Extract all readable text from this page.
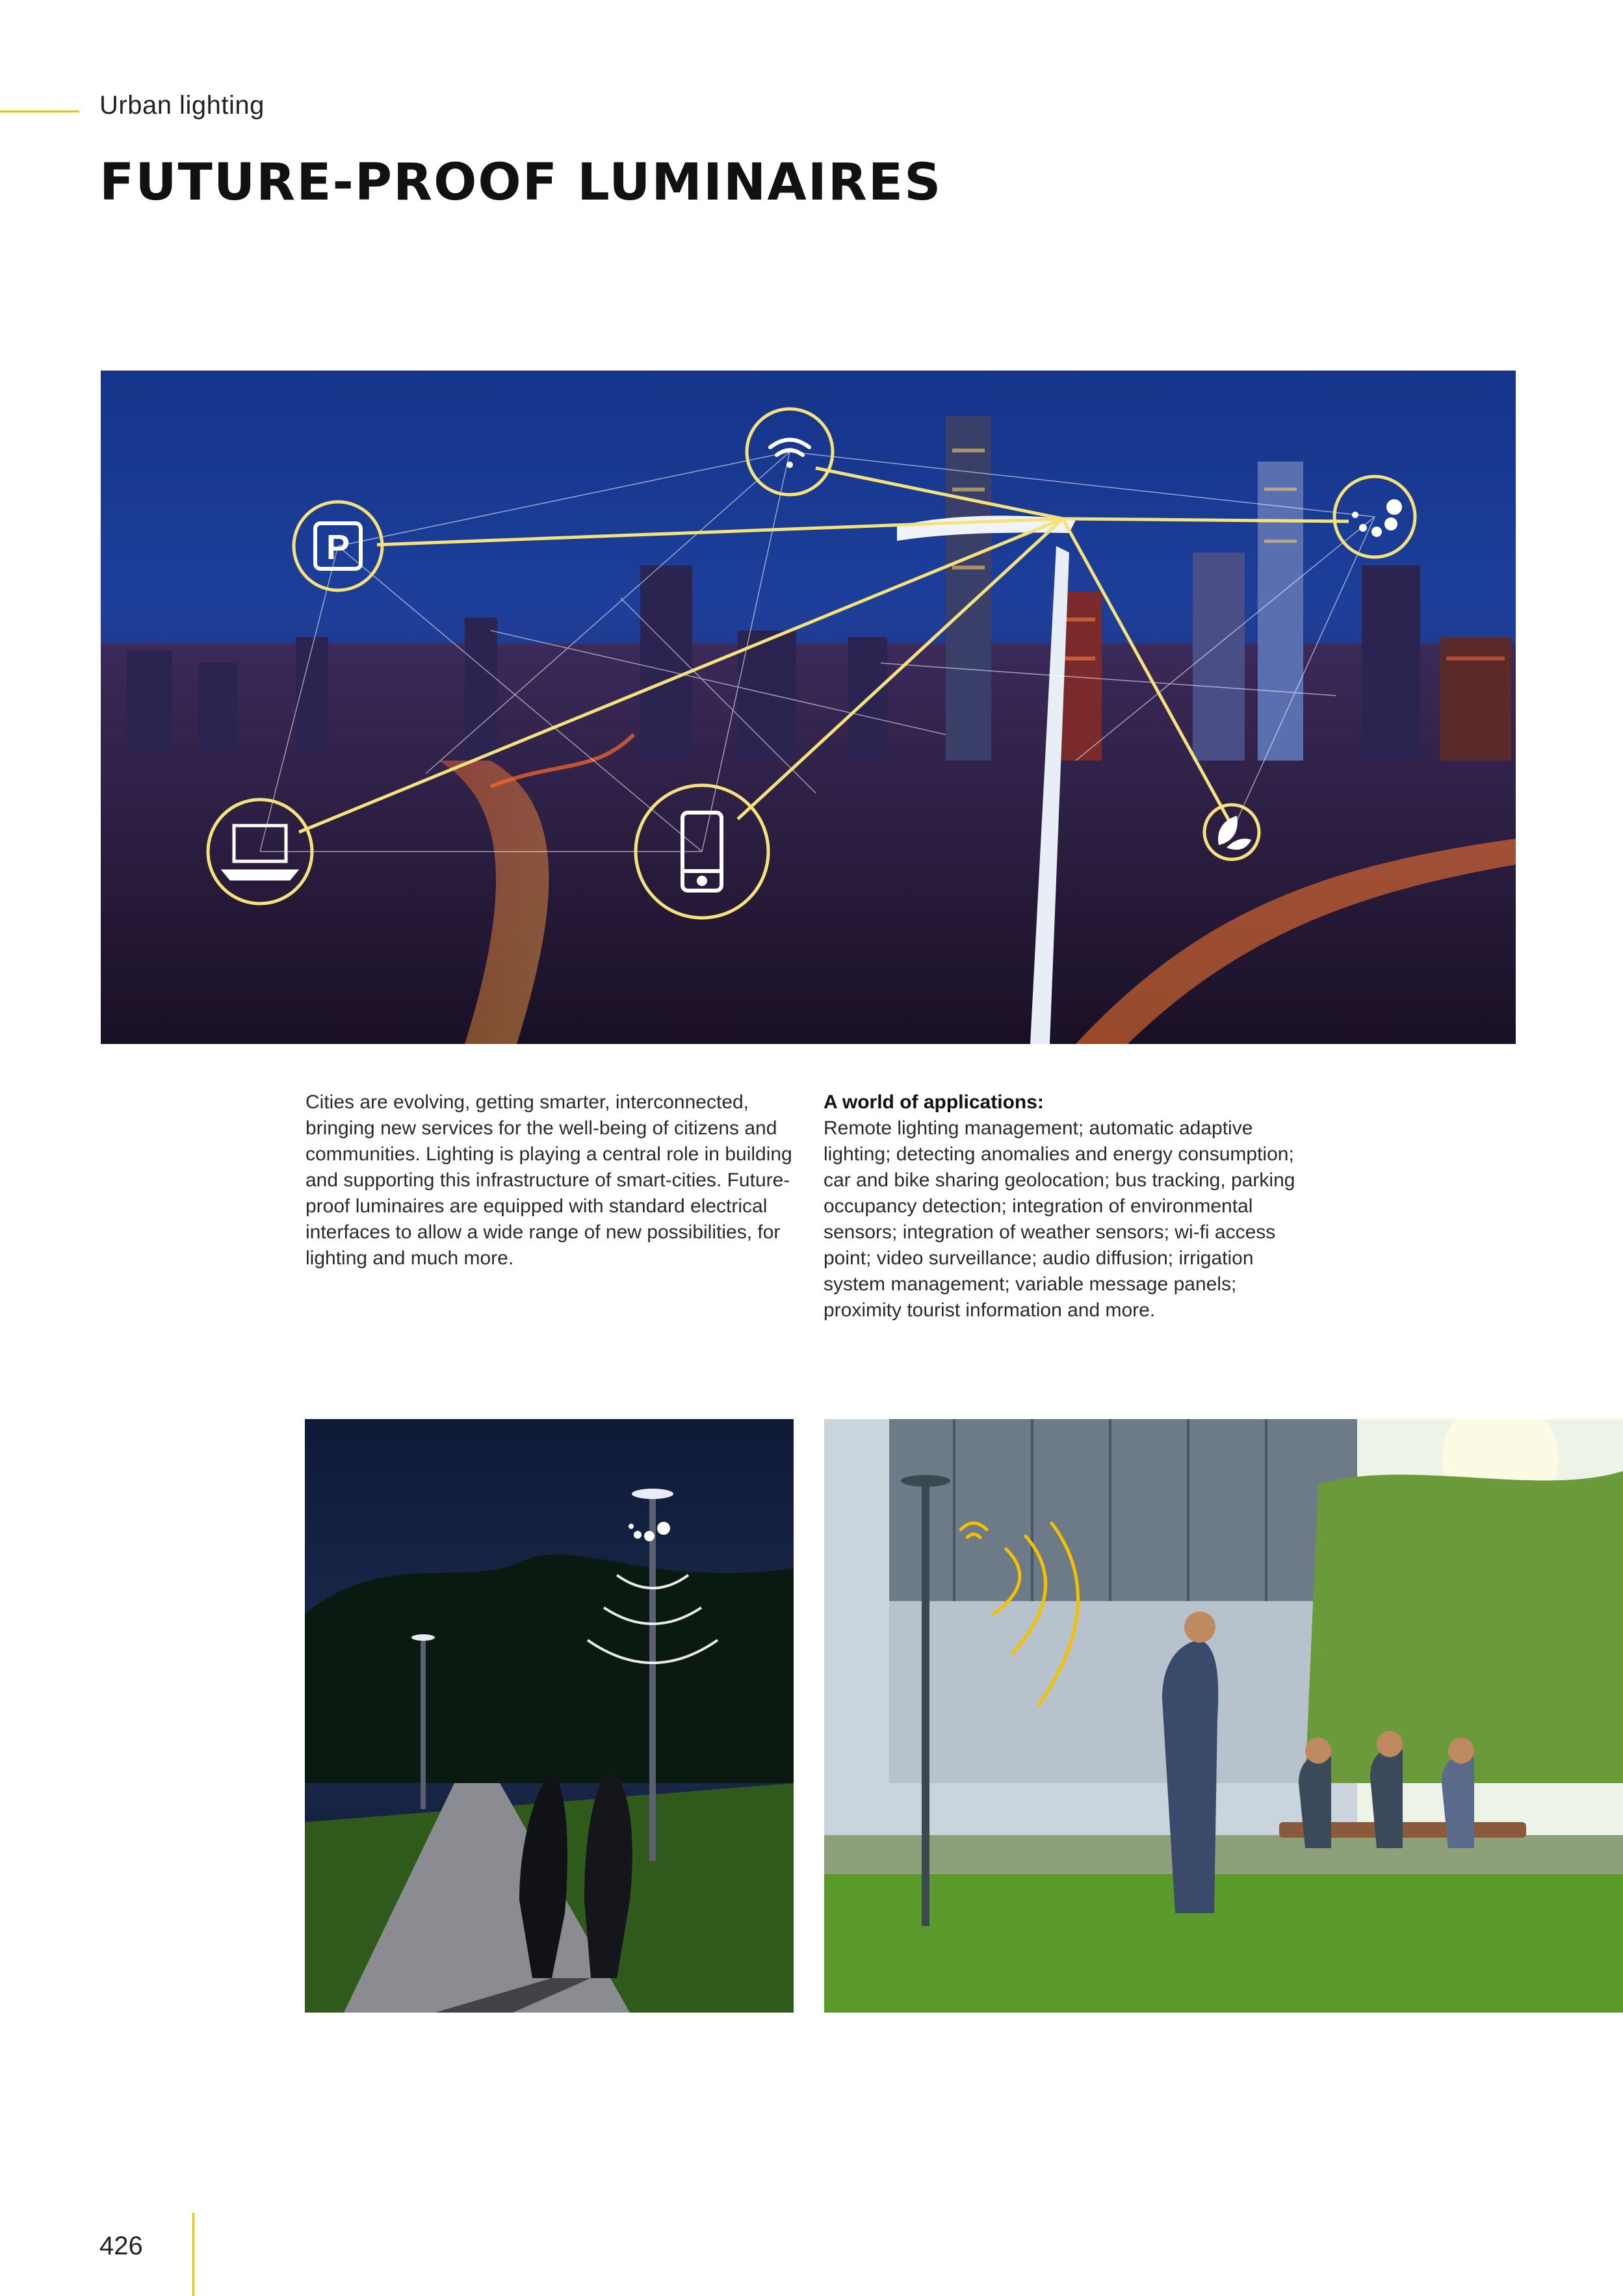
Urban lighting
FUTURE-PROOF LUMINAIRES
P

Cities are evolving, getting smarter, interconnected, bringing new services for the well-being of citizens and communities. Lighting is playing a central role in building and supporting this infrastructure of smart-cities. Future-proof luminaires are equipped with standard electrical interfaces to allow a wide range of new possibilities, for lighting and much more.

A world of applications:

Remote lighting management; automatic adaptive lighting; detecting anomalies and energy consumption; car and bike sharing geolocation; bus tracking, parking occupancy detection; integration of environmental sensors; integration of weather sensors; wi-fi access point; video surveillance; audio diffusion; irrigation system management; variable message panels; proximity tourist information and more.

426
